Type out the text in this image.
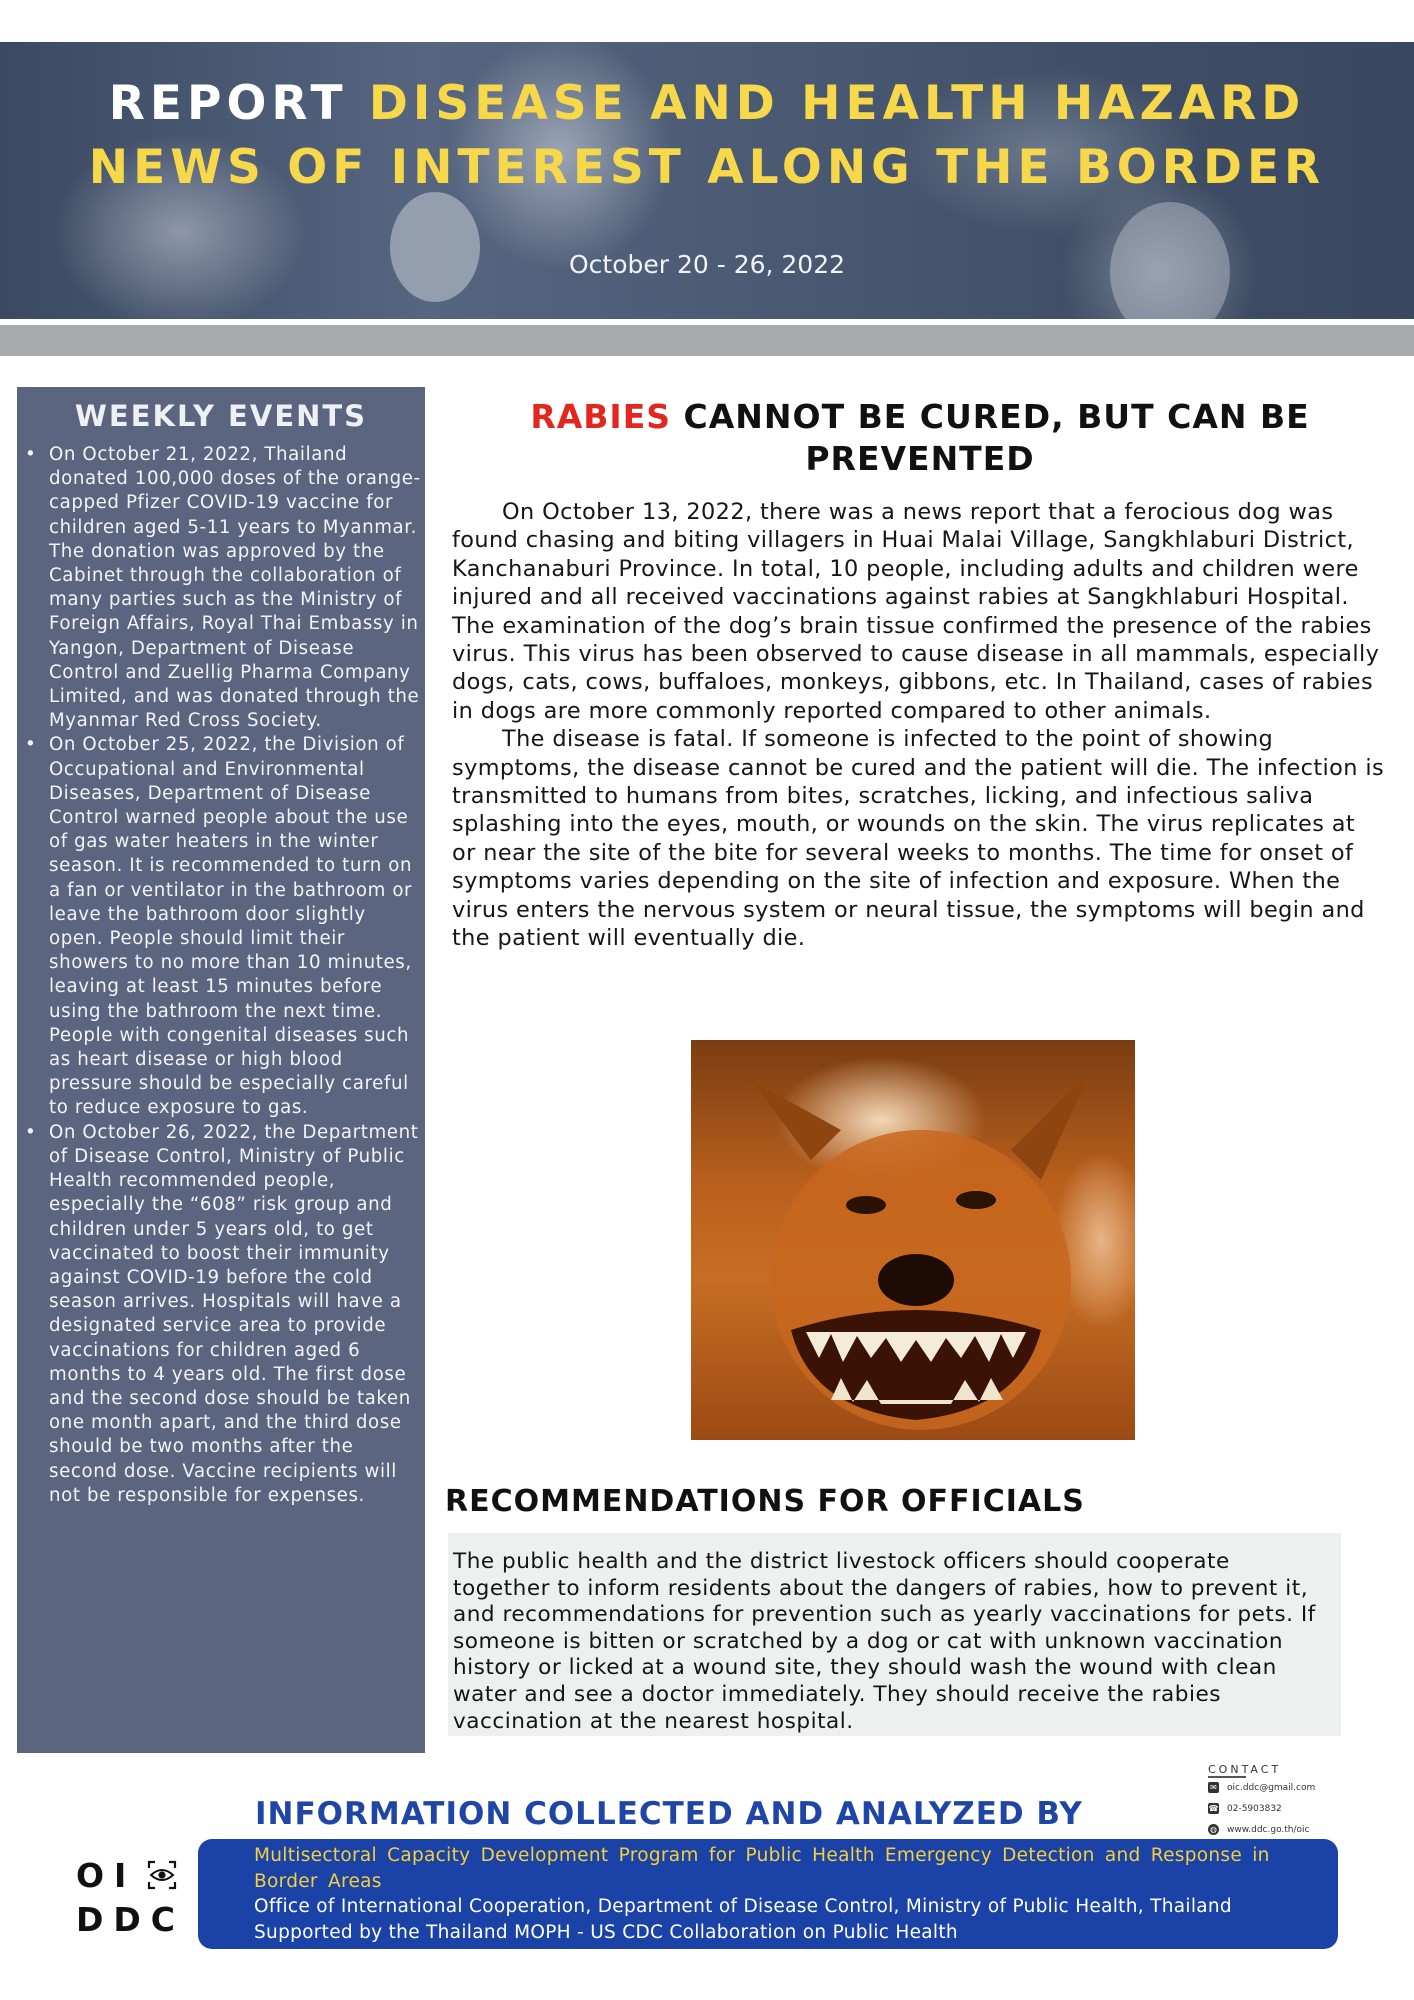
REPORT DISEASE AND HEALTH HAZARD
NEWS OF INTEREST ALONG THE BORDER
October 20 - 26, 2022
WEEKLY EVENTS
• On October 21, 2022, Thailand donated 100,000 doses of the orange-capped Pfizer COVID-19 vaccine for children aged 5-11 years to Myanmar. The donation was approved by the Cabinet through the collaboration of many parties such as the Ministry of Foreign Affairs, Royal Thai Embassy in Yangon, Department of Disease Control and Zuellig Pharma Company Limited, and was donated through the Myanmar Red Cross Society.
• On October 25, 2022, the Division of Occupational and Environmental Diseases, Department of Disease Control warned people about the use of gas water heaters in the winter season. It is recommended to turn on a fan or ventilator in the bathroom or leave the bathroom door slightly open. People should limit their showers to no more than 10 minutes, leaving at least 15 minutes before using the bathroom the next time. People with congenital diseases such as heart disease or high blood pressure should be especially careful to reduce exposure to gas.
• On October 26, 2022, the Department of Disease Control, Ministry of Public Health recommended people, especially the “608” risk group and children under 5 years old, to get vaccinated to boost their immunity against COVID-19 before the cold season arrives. Hospitals will have a designated service area to provide vaccinations for children aged 6 months to 4 years old. The first dose and the second dose should be taken one month apart, and the third dose should be two months after the second dose. Vaccine recipients will not be responsible for expenses.
RABIES CANNOT BE CURED, BUT CAN BE PREVENTED

On October 13, 2022, there was a news report that a ferocious dog was found chasing and biting villagers in Huai Malai Village, Sangkhlaburi District, Kanchanaburi Province. In total, 10 people, including adults and children were injured and all received vaccinations against rabies at Sangkhlaburi Hospital. The examination of the dog’s brain tissue confirmed the presence of the rabies virus. This virus has been observed to cause disease in all mammals, especially dogs, cats, cows, buffaloes, monkeys, gibbons, etc. In Thailand, cases of rabies in dogs are more commonly reported compared to other animals.

The disease is fatal. If someone is infected to the point of showing symptoms, the disease cannot be cured and the patient will die. The infection is transmitted to humans from bites, scratches, licking, and infectious saliva splashing into the eyes, mouth, or wounds on the skin. The virus replicates at or near the site of the bite for several weeks to months. The time for onset of symptoms varies depending on the site of infection and exposure. When the virus enters the nervous system or neural tissue, the symptoms will begin and the patient will eventually die.

RECOMMENDATIONS FOR OFFICIALS
The public health and the district livestock officers should cooperate together to inform residents about the dangers of rabies, how to prevent it, and recommendations for prevention such as yearly vaccinations for pets. If someone is bitten or scratched by a dog or cat with unknown vaccination history or licked at a wound site, they should wash the wound with clean water and see a doctor immediately. They should receive the rabies vaccination at the nearest hospital.
CONTACT
✉ oic.ddc@gmail.com
☎ 02-5903832
◍ www.ddc.go.th/oic
INFORMATION COLLECTED AND ANALYZED BY
Multisectoral Capacity Development Program for Public Health Emergency Detection and Response in Border Areas
Office of International Cooperation, Department of Disease Control, Ministry of Public Health, Thailand
Supported by the Thailand MOPH - US CDC Collaboration on Public Health
OI
DDC
